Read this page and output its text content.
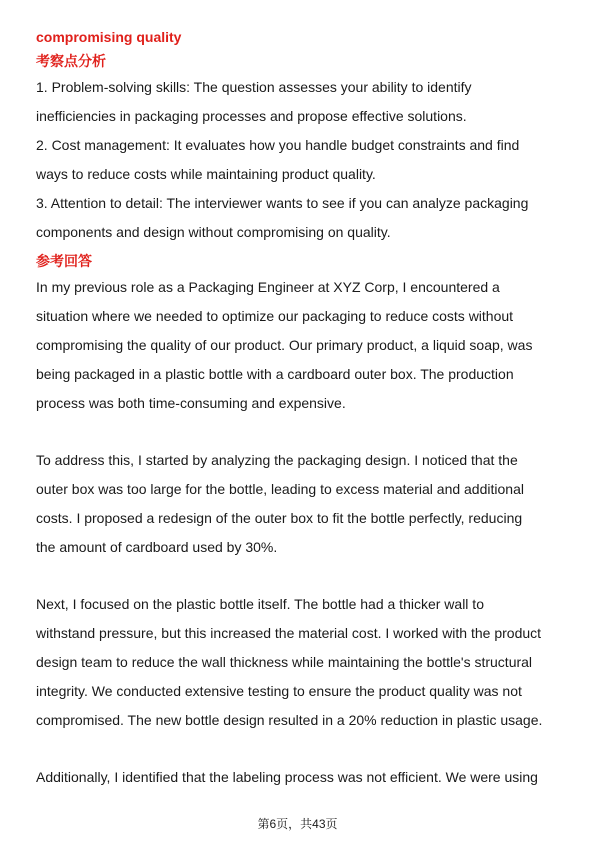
compromising quality

考察点分析

1. Problem-solving skills: The question assesses your ability to identify

inefficiencies in packaging processes and propose effective solutions.

2. Cost management: It evaluates how you handle budget constraints and find

ways to reduce costs while maintaining product quality.

3. Attention to detail: The interviewer wants to see if you can analyze packaging

components and design without compromising on quality.

参考回答

In my previous role as a Packaging Engineer at XYZ Corp, I encountered a

situation where we needed to optimize our packaging to reduce costs without

compromising the quality of our product. Our primary product, a liquid soap, was

being packaged in a plastic bottle with a cardboard outer box. The production

process was both time-consuming and expensive.

To address this, I started by analyzing the packaging design. I noticed that the

outer box was too large for the bottle, leading to excess material and additional

costs. I proposed a redesign of the outer box to fit the bottle perfectly, reducing

the amount of cardboard used by 30%.

Next, I focused on the plastic bottle itself. The bottle had a thicker wall to

withstand pressure, but this increased the material cost. I worked with the product

design team to reduce the wall thickness while maintaining the bottle's structural

integrity. We conducted extensive testing to ensure the product quality was not

compromised. The new bottle design resulted in a 20% reduction in plastic usage.

Additionally, I identified that the labeling process was not efficient. We were using

第6页，共43页
